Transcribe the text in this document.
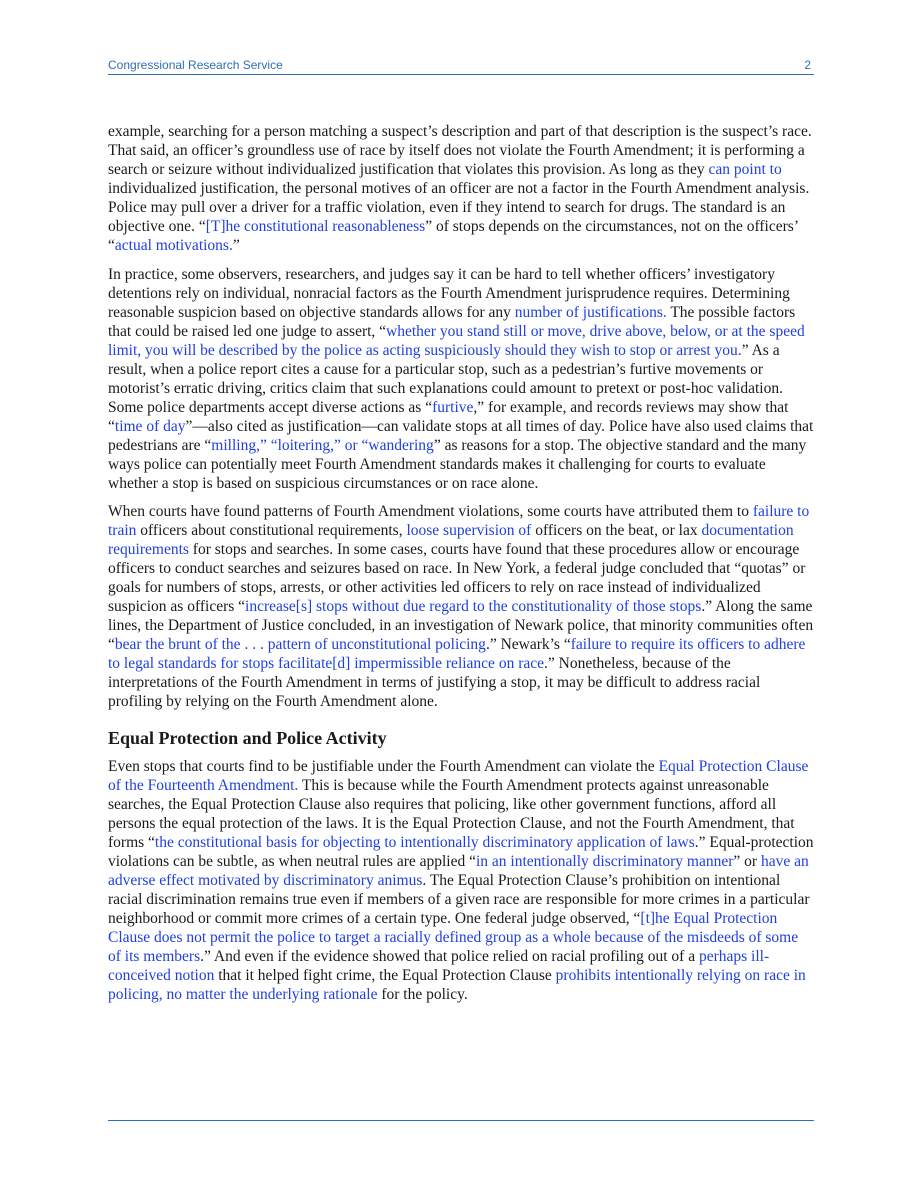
Congressional Research Service	2

example, searching for a person matching a suspect’s description and part of that description is the suspect’s race. That said, an officer’s groundless use of race by itself does not violate the Fourth Amendment; it is performing a search or seizure without individualized justification that violates this provision. As long as they can point to individualized justification, the personal motives of an officer are not a factor in the Fourth Amendment analysis. Police may pull over a driver for a traffic violation, even if they intend to search for drugs. The standard is an objective one. “[T]he constitutional reasonableness” of stops depends on the circumstances, not on the officers’ “actual motivations.”

In practice, some observers, researchers, and judges say it can be hard to tell whether officers’ investigatory detentions rely on individual, nonracial factors as the Fourth Amendment jurisprudence requires. Determining reasonable suspicion based on objective standards allows for any number of justifications. The possible factors that could be raised led one judge to assert, “whether you stand still or move, drive above, below, or at the speed limit, you will be described by the police as acting suspiciously should they wish to stop or arrest you.” As a result, when a police report cites a cause for a particular stop, such as a pedestrian’s furtive movements or motorist’s erratic driving, critics claim that such explanations could amount to pretext or post-hoc validation. Some police departments accept diverse actions as “furtive,” for example, and records reviews may show that “time of day”—also cited as justification—can validate stops at all times of day. Police have also used claims that pedestrians are “milling,” “loitering,” or “wandering” as reasons for a stop. The objective standard and the many ways police can potentially meet Fourth Amendment standards makes it challenging for courts to evaluate whether a stop is based on suspicious circumstances or on race alone.

When courts have found patterns of Fourth Amendment violations, some courts have attributed them to failure to train officers about constitutional requirements, loose supervision of officers on the beat, or lax documentation requirements for stops and searches. In some cases, courts have found that these procedures allow or encourage officers to conduct searches and seizures based on race. In New York, a federal judge concluded that “quotas” or goals for numbers of stops, arrests, or other activities led officers to rely on race instead of individualized suspicion as officers “increase[s] stops without due regard to the constitutionality of those stops.” Along the same lines, the Department of Justice concluded, in an investigation of Newark police, that minority communities often “bear the brunt of the . . . pattern of unconstitutional policing.” Newark’s “failure to require its officers to adhere to legal standards for stops facilitate[d] impermissible reliance on race.” Nonetheless, because of the interpretations of the Fourth Amendment in terms of justifying a stop, it may be difficult to address racial profiling by relying on the Fourth Amendment alone.

Equal Protection and Police Activity

Even stops that courts find to be justifiable under the Fourth Amendment can violate the Equal Protection Clause of the Fourteenth Amendment. This is because while the Fourth Amendment protects against unreasonable searches, the Equal Protection Clause also requires that policing, like other government functions, afford all persons the equal protection of the laws. It is the Equal Protection Clause, and not the Fourth Amendment, that forms “the constitutional basis for objecting to intentionally discriminatory application of laws.” Equal-protection violations can be subtle, as when neutral rules are applied “in an intentionally discriminatory manner” or have an adverse effect motivated by discriminatory animus. The Equal Protection Clause’s prohibition on intentional racial discrimination remains true even if members of a given race are responsible for more crimes in a particular neighborhood or commit more crimes of a certain type. One federal judge observed, “[t]he Equal Protection Clause does not permit the police to target a racially defined group as a whole because of the misdeeds of some of its members.” And even if the evidence showed that police relied on racial profiling out of a perhaps ill-conceived notion that it helped fight crime, the Equal Protection Clause prohibits intentionally relying on race in policing, no matter the underlying rationale for the policy.
